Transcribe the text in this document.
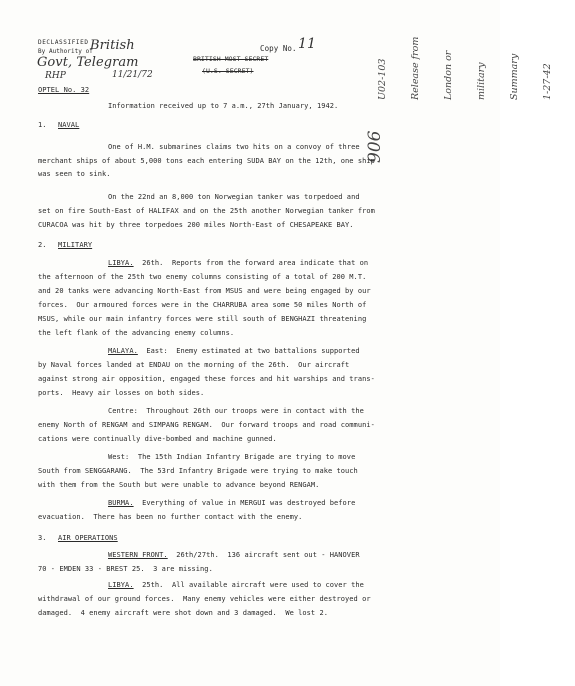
DECLASSIFIED
By Authority of
British
Govt, Telegram
RHP	11/21/72
Copy No. 11
BRITISH MOST SECRET
(U.S. SECRET)

	U02-103

Release from

London or

military

Summary

1-27-42

906
OPTEL No. 32
Information received up to 7 a.m., 27th January, 1942.
1. NAVAL
One of H.M. submarines claims two hits on a convoy of three
merchant ships of about 5,000 tons each entering SUDA BAY on the 12th, one ship
was seen to sink.
On the 22nd an 8,000 ton Norwegian tanker was torpedoed and
set on fire South-East of HALIFAX and on the 25th another Norwegian tanker from
CURACOA was hit by three torpedoes 200 miles North-East of CHESAPEAKE BAY.
2. MILITARY
LIBYA.  26th.  Reports from the forward area indicate that on
the afternoon of the 25th two enemy columns consisting of a total of 200 M.T.
and 20 tanks were advancing North-East from MSUS and were being engaged by our
forces.  Our armoured forces were in the CHARRUBA area some 50 miles North of
MSUS, while our main infantry forces were still south of BENGHAZI threatening
the left flank of the advancing enemy columns.
MALAYA.  East:  Enemy estimated at two battalions supported
by Naval forces landed at ENDAU on the morning of the 26th.  Our aircraft
against strong air opposition, engaged these forces and hit warships and trans-
ports.  Heavy air losses on both sides.
Centre:  Throughout 26th our troops were in contact with the
enemy North of RENGAM and SIMPANG RENGAM.  Our forward troops and road communi-
cations were continually dive-bombed and machine gunned.
West:  The 15th Indian Infantry Brigade are trying to move
South from SENGGARANG.  The 53rd Infantry Brigade were trying to make touch
with them from the South but were unable to advance beyond RENGAM.
BURMA.  Everything of value in MERGUI was destroyed before
evacuation.  There has been no further contact with the enemy.
3. AIR OPERATIONS
WESTERN FRONT.  26th/27th.  136 aircraft sent out - HANOVER
70 - EMDEN 33 - BREST 25.  3 are missing.
LIBYA.  25th.  All available aircraft were used to cover the
withdrawal of our ground forces.  Many enemy vehicles were either destroyed or
damaged.  4 enemy aircraft were shot down and 3 damaged.  We lost 2.
